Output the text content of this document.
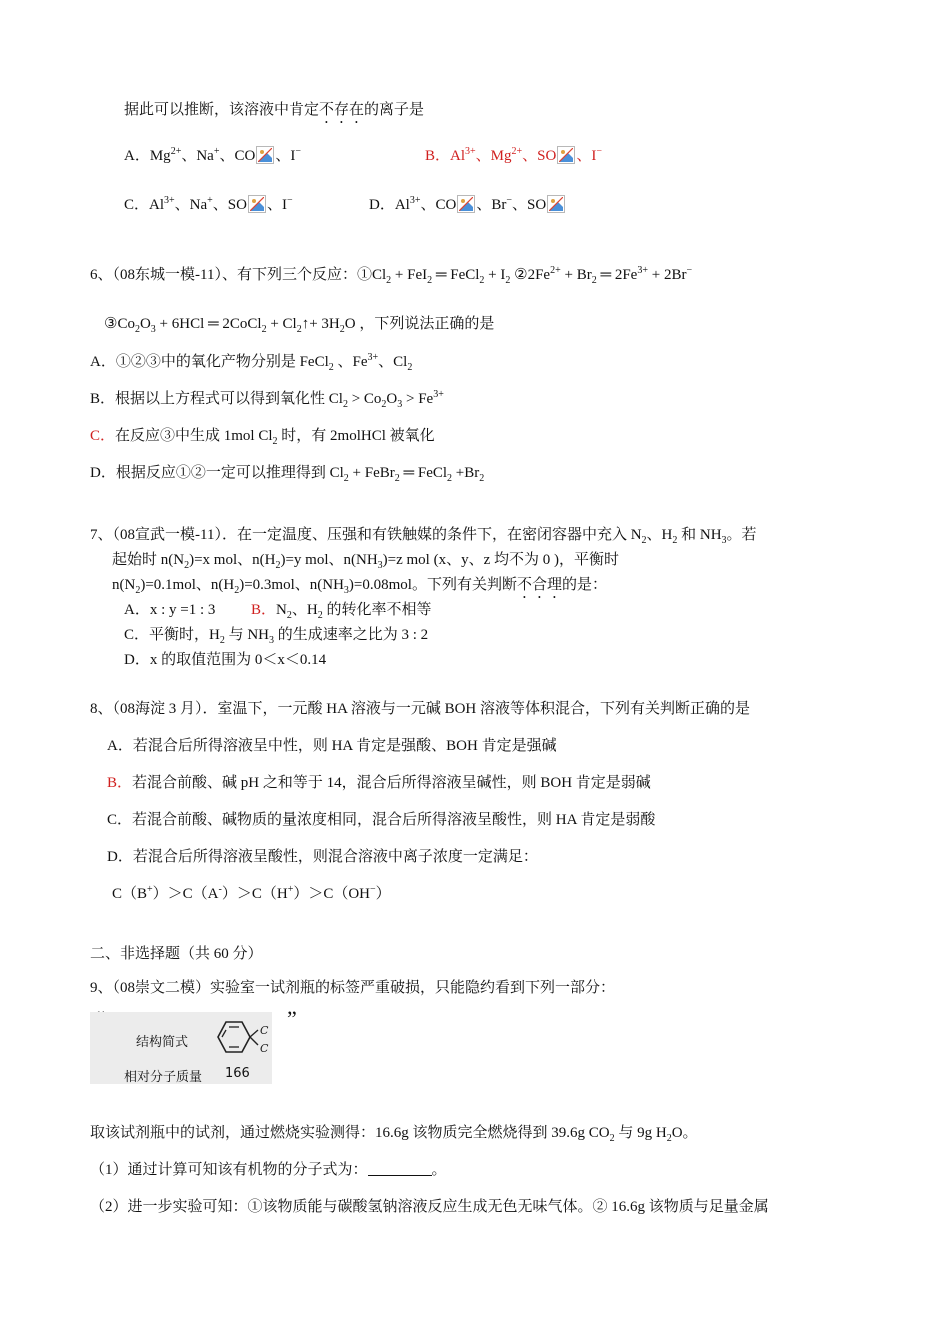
据此可以推断，该溶液中肯定不存在的离子是
A．$Mg^{2+}$、Na+、CO 、I−	B．$Al^{3+}$、$Mg^{2+}$、SO 、I−
C．$Al^{3+}$、Na+、SO 、I−	D．$Al^{3+}$、CO 、Br−、SO
6、（08东城一模-11）、有下列三个反应：$①Cl_2 + FeI_2$ ═ FeCl$_2$ + $I_2$ $②2Fe^{2+} + Br_2$ ═ $2Fe^{3+} + 2Br^-$
$③Co_2O_3 + 6HCl$ ═ 2CoCl$_2$ + $Cl_2↑+ 3H_2O$ ，下列说法正确的是
A．①②③中的氧化产物分别是 FeCl$_2$ 、$Fe^{3+}$、$Cl_2$
B．根据以上方程式可以得到氧化性 $Cl_2 > Co_2O_3 > Fe^{3+}$
C．在反应③中生成 1mol $Cl_2$ 时，有 2molHCl 被氧化
D．根据反应①②一定可以推理得到 $Cl_2$ + FeBr$_2$ ═ FeCl$_2$ $+Br_2$
7、（08宣武一模-11）．在一定温度、压强和有铁触媒的条件下，在密闭容器中充入 $N_2$、$H_2$ 和 $NH_3$。若
起始时 $n(N_2)=x$ mol、$n(H_2)=y$ mol、$n(NH_3)=z$ mol (x、y、z 均不为 0 )，平衡时
$n(N_2)=0.1mol$、$n(H_2)=0.3mol$、$n(NH_3)=0.08mol$。下列有关判断不合理的是：
A．x : y =1 : 3 B．$N_2$、$H_2$ 的转化率不相等
C．平衡时，$H_2$ 与 $NH_3$ 的生成速率之比为 3 : 2
D．x 的取值范围为 0＜x＜0.14
8、（08海淀 3 月）．室温下，一元酸 HA 溶液与一元碱 BOH 溶液等体积混合，下列有关判断正确的是
A．若混合后所得溶液呈中性，则 HA 肯定是强酸、BOH 肯定是强碱
B．若混合前酸、碱 pH 之和等于 14，混合后所得溶液呈碱性，则 BOH 肯定是弱碱
C．若混合前酸、碱物质的量浓度相同，混合后所得溶液呈酸性，则 HA 肯定是弱酸
D．若混合后所得溶液呈酸性，则混合溶液中离子浓度一定满足：
C（B+）＞C（A-）＞C（H+）＞C（OH−）
二、非选择题（共 60 分）
9、（08崇文二模）实验室一试剂瓶的标签严重破损，只能隐约看到下列一部分：
结构简式
C
C
相对分子质量 166
”
取该试剂瓶中的试剂，通过燃烧实验测得：16.6g 该物质完全燃烧得到 39.6g $CO_2$ 与 9g $H_2O$。
（1）通过计算可知该有机物的分子式为：	。
（2）进一步实验可知：①该物质能与碳酸氢钠溶液反应生成无色无味气体。② 16.6g 该物质与足量金属
